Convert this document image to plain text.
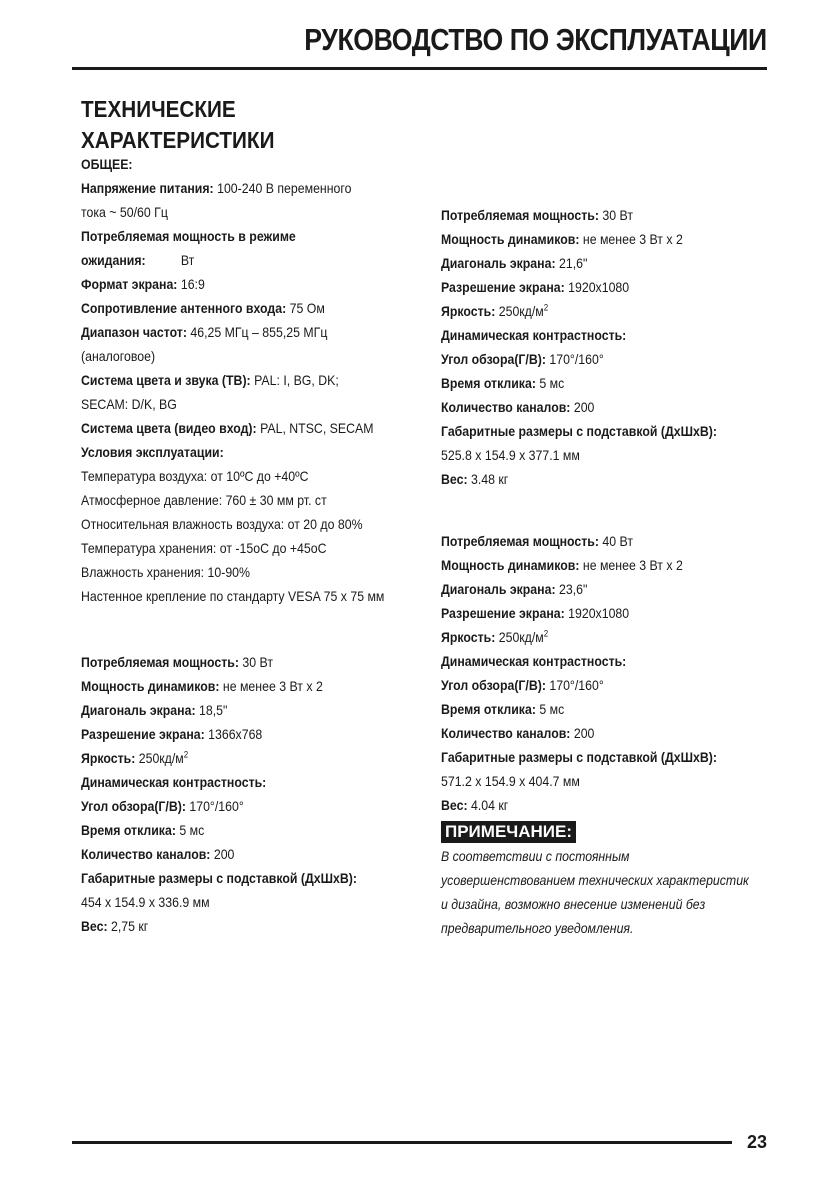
РУКОВОДСТВО ПО ЭКСПЛУАТАЦИИ
ТЕХНИЧЕСКИЕ
ХАРАКТЕРИСТИКИ
ОБЩЕЕ:
Напряжение питания: 100-240 В переменного
тока ~ 50/60 Гц
Потребляемая мощность в режиме
ожидания:	Вт
Формат экрана: 16:9
Сопротивление антенного входа: 75 Ом
Диапазон частот: 46,25 МГц – 855,25 МГц
(аналоговое)
Система цвета и звука (ТВ): PAL: I, BG, DK;
SECAM: D/K, BG
Система цвета (видео вход): PAL, NTSC, SECAM
Условия эксплуатации:
Температура воздуха: от 10ºС до +40ºС
Атмосферное давление: 760 ± 30 мм рт. ст
Относительная влажность воздуха: от 20 до 80%
Температура хранения: от -15оС до +45оС
Влажность хранения: 10-90%
Настенное крепление по стандарту VESA 75 x 75 мм
Потребляемая мощность: 30 Вт
Мощность динамиков: не менее 3 Вт х 2
Диагональ экрана: 18,5"
Разрешение экрана: 1366х768
Яркость: $250кд/м^2$
Динамическая контрастность:
Угол обзора(Г/В): 170°/160°
Время отклика: 5 мс
Количество каналов: 200
Габаритные размеры с подставкой (ДхШхВ):
454 x 154.9 x 336.9 мм
Вес: 2,75 кг
Потребляемая мощность: 30 Вт
Мощность динамиков: не менее 3 Вт х 2
Диагональ экрана: 21,6"
Разрешение экрана: 1920х1080
Яркость: $250кд/м^2$
Динамическая контрастность:
Угол обзора(Г/В): 170°/160°
Время отклика: 5 мс
Количество каналов: 200
Габаритные размеры с подставкой (ДхШхВ):
525.8 x 154.9 x 377.1 мм
Вес: 3.48 кг
Потребляемая мощность: 40 Вт
Мощность динамиков: не менее 3 Вт х 2
Диагональ экрана: 23,6"
Разрешение экрана: 1920х1080
Яркость: $250кд/м^2$
Динамическая контрастность:
Угол обзора(Г/В): 170°/160°
Время отклика: 5 мс
Количество каналов: 200
Габаритные размеры с подставкой (ДхШхВ):
571.2 x 154.9 x 404.7 мм
Вес: 4.04 кг
ПРИМЕЧАНИЕ:
В соответствии с постоянным
усовершенствованием технических характеристик
и дизайна, возможно внесение изменений без
предварительного уведомления.
23
